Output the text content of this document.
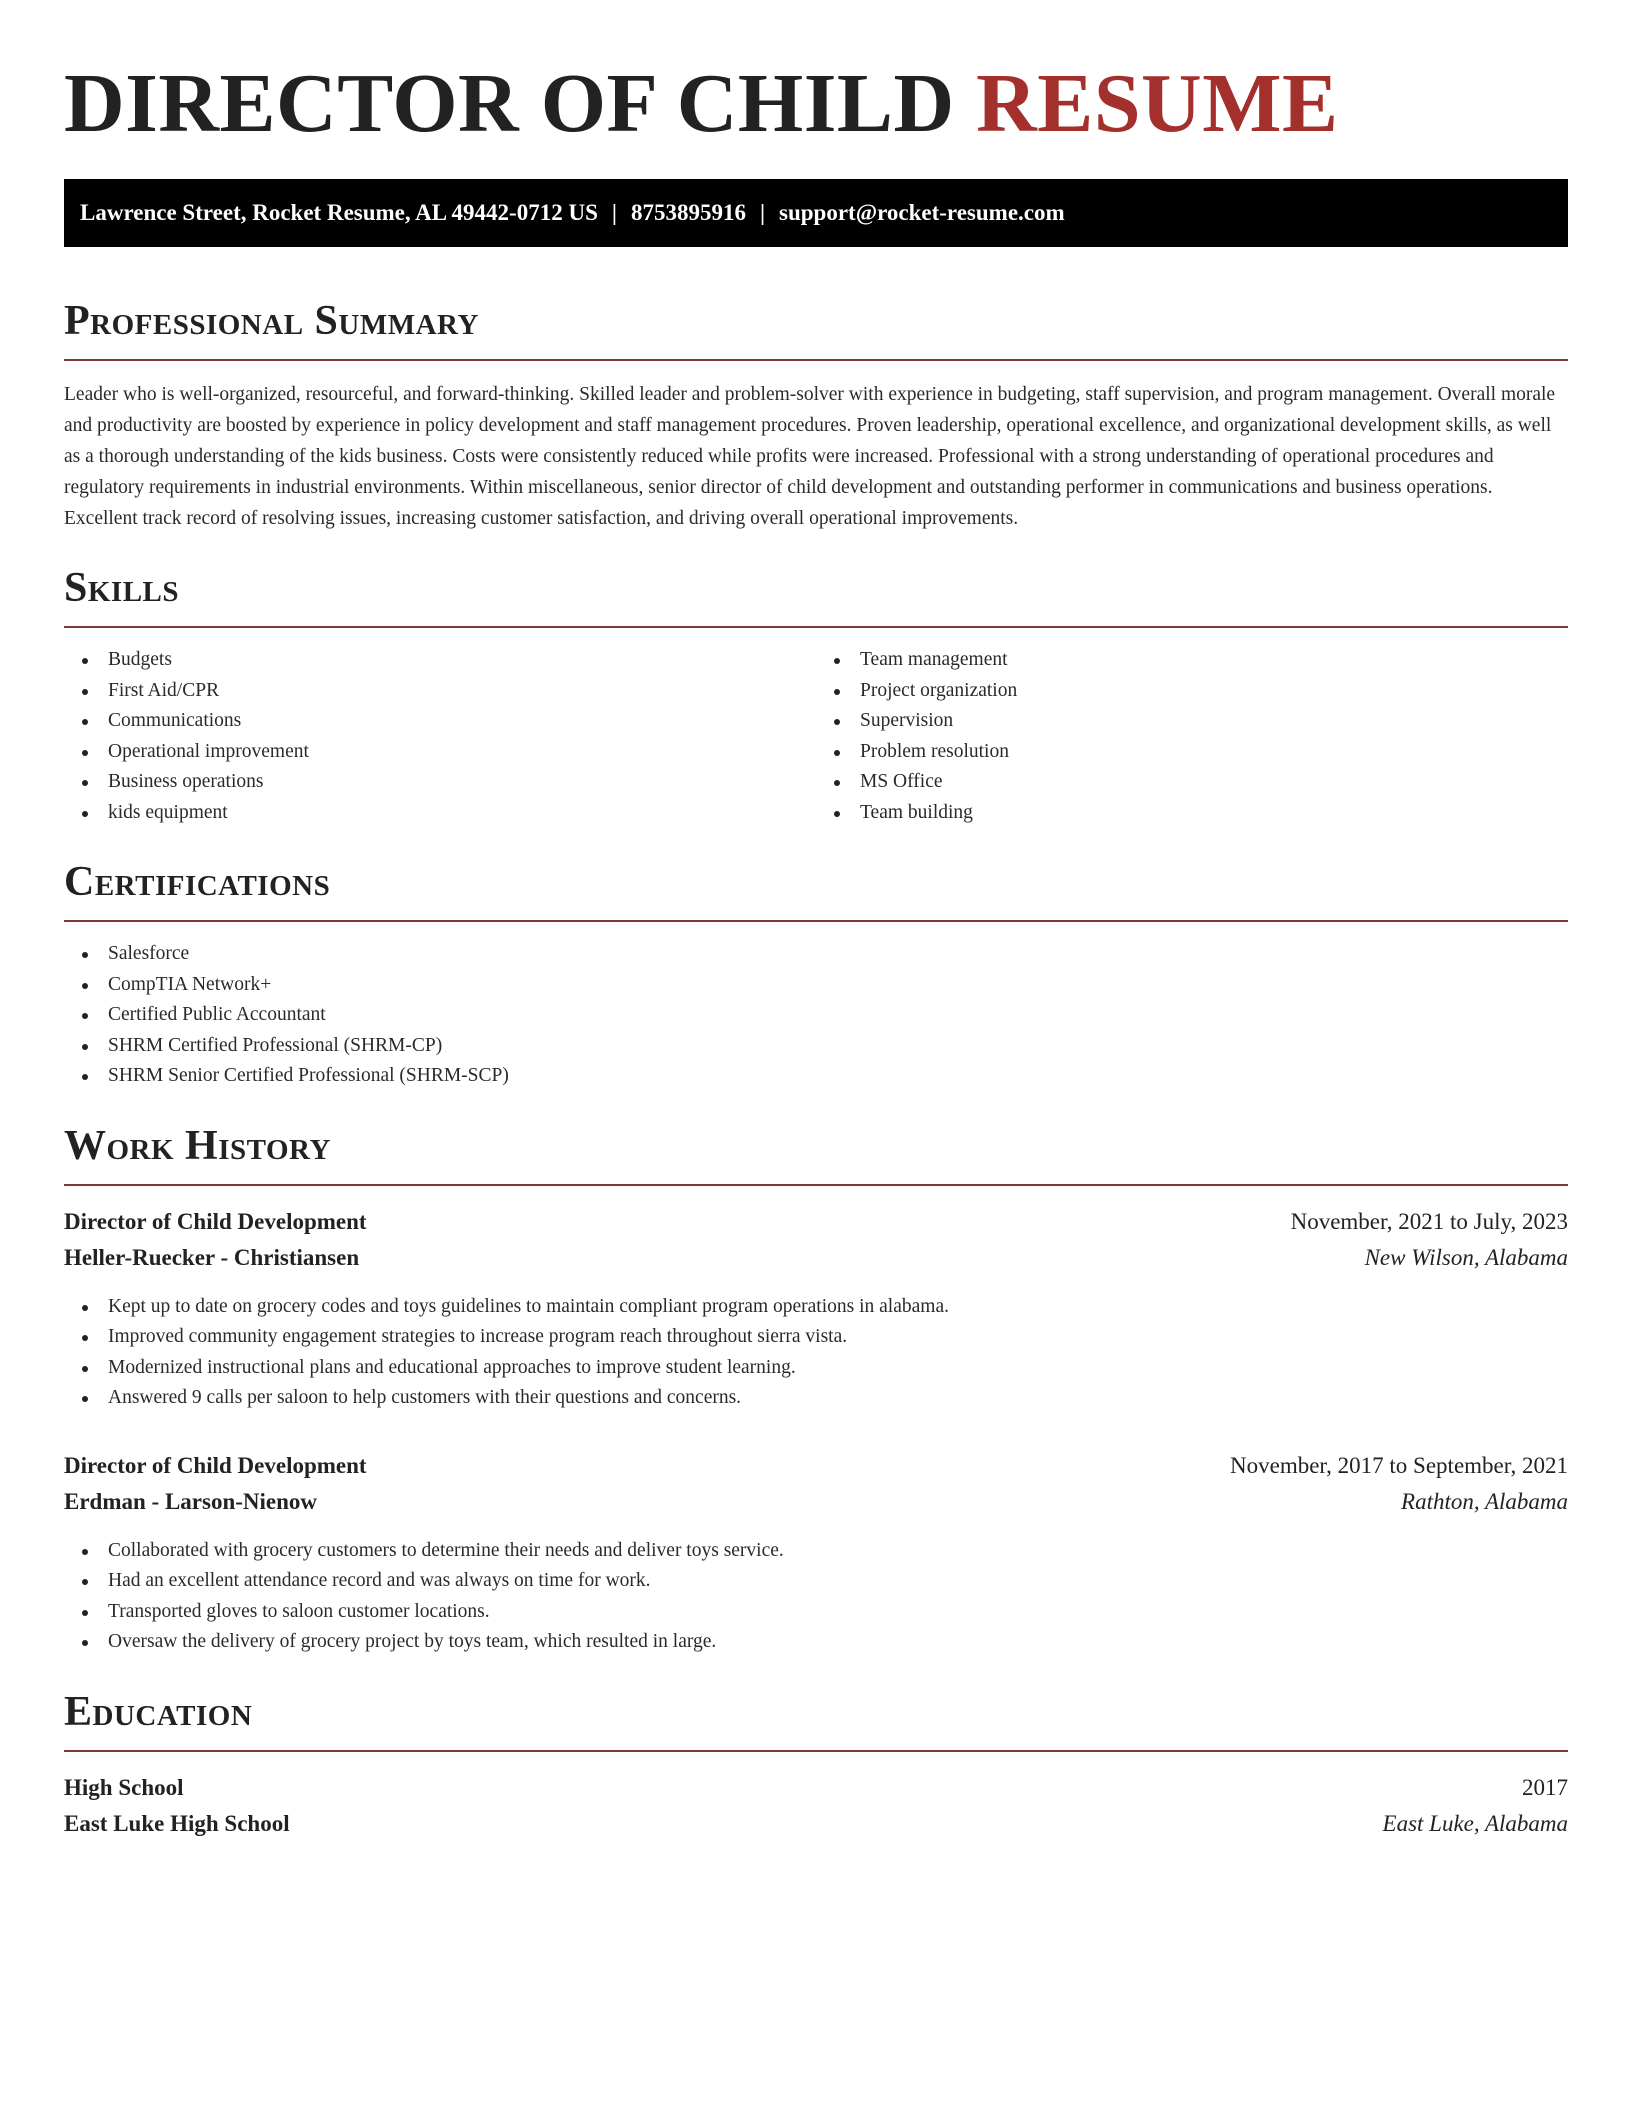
DIRECTOR OF CHILD RESUME
Lawrence Street, Rocket Resume, AL 49442-0712 US | 8753895916 | support@rocket-resume.com
Professional Summary

Leader who is well-organized, resourceful, and forward-thinking. Skilled leader and problem-solver with experience in budgeting, staff supervision, and program management. Overall morale and productivity are boosted by experience in policy development and staff management procedures. Proven leadership, operational excellence, and organizational development skills, as well as a thorough understanding of the kids business. Costs were consistently reduced while profits were increased. Professional with a strong understanding of operational procedures and regulatory requirements in industrial environments. Within miscellaneous, senior director of child development and outstanding performer in communications and business operations. Excellent track record of resolving issues, increasing customer satisfaction, and driving overall operational improvements.

Skills
Budgets
First Aid/CPR
Communications
Operational improvement
Business operations
kids equipment
Team management
Project organization
Supervision
Problem resolution
MS Office
Team building
Certifications
Salesforce
CompTIA Network+
Certified Public Accountant
SHRM Certified Professional (SHRM-CP)
SHRM Senior Certified Professional (SHRM-SCP)
Work History
Director of Child Development	November, 2021 to July, 2023
Heller-Ruecker - Christiansen	New Wilson, Alabama
Kept up to date on grocery codes and toys guidelines to maintain compliant program operations in alabama.
Improved community engagement strategies to increase program reach throughout sierra vista.
Modernized instructional plans and educational approaches to improve student learning.
Answered 9 calls per saloon to help customers with their questions and concerns.
Director of Child Development	November, 2017 to September, 2021
Erdman - Larson-Nienow	Rathton, Alabama
Collaborated with grocery customers to determine their needs and deliver toys service.
Had an excellent attendance record and was always on time for work.
Transported gloves to saloon customer locations.
Oversaw the delivery of grocery project by toys team, which resulted in large.
Education
High School	2017
East Luke High School	East Luke, Alabama
